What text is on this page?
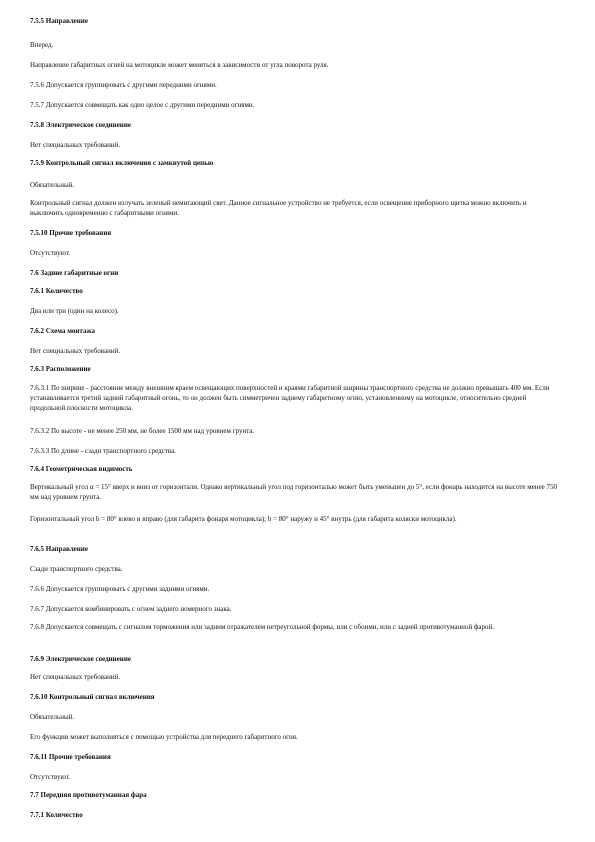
7.5.5 Направление
Вперед.
Направление габаритных огней на мотоцикле может меняться в зависимости от угла поворота руля.
7.5.6 Допускается группировать с другими передними огнями.
7.5.7 Допускается совмещать как одно целое с другими передними огнями.
7.5.8 Электрическое соединение
Нет специальных требований.
7.5.9 Контрольный сигнал включения с замкнутой цепью
Обязательный.
Контрольный сигнал должен излучать зеленый немигающий свет. Данное сигнальное устройство не требуется, если освещение приборного щитка можно включить и выключить одновременно с габаритными огнями.
7.5.10 Прочие требования
Отсутствуют.
7.6 Задние габаритные огни
7.6.1 Количество
Два или три (один на колесо).
7.6.2 Схема монтажа
Нет специальных требований.
7.6.3 Расположение
7.6.3.1 По ширине - расстояние между внешним краем освещающих поверхностей и краями габаритной ширины транспортного средства не должно превышать 400 мм. Если устанавливается третий задний габаритный огонь, то он должен быть симметричен заднему габаритному огню, установленному на мотоцикле, относительно средней продольной плоскости мотоцикла.
7.6.3.2 По высоте - не менее 250 мм, не более 1500 мм над уровнем грунта.
7.6.3.3 По длине - сзади транспортного средства.
7.6.4 Геометрическая видимость
Вертикальный угол α = 15° вверх и вниз от горизонтали. Однако вертикальный угол под горизонталью может быть уменьшен до 5°, если фонарь находится на высоте менее 750 мм над уровнем грунта.
Горизонтальный угол b = 80° влево и вправо (для габарита фонаря мотоцикла); b = 80° наружу и 45° внутрь (для габарита коляски мотоцикла).
7.6.5 Направление
Сзади транспортного средства.
7.6.6 Допускается группировать с другими задними огнями.
7.6.7 Допускается комбинировать с огнем заднего номерного знака.
7.6.8 Допускается совмещать с сигналом торможения или задним отражателем нетреугольной формы, или с обоими, или с задней противотуманной фарой.
7.6.9 Электрическое соединение
Нет специальных требований.
7.6.10 Контрольный сигнал включения
Обязательный.
Его функции может выполняться с помощью устройства для переднего габаритного огня.
7.6.11 Прочие требования
Отсутствуют.
7.7 Передняя противотуманная фара
7.7.1 Количество
